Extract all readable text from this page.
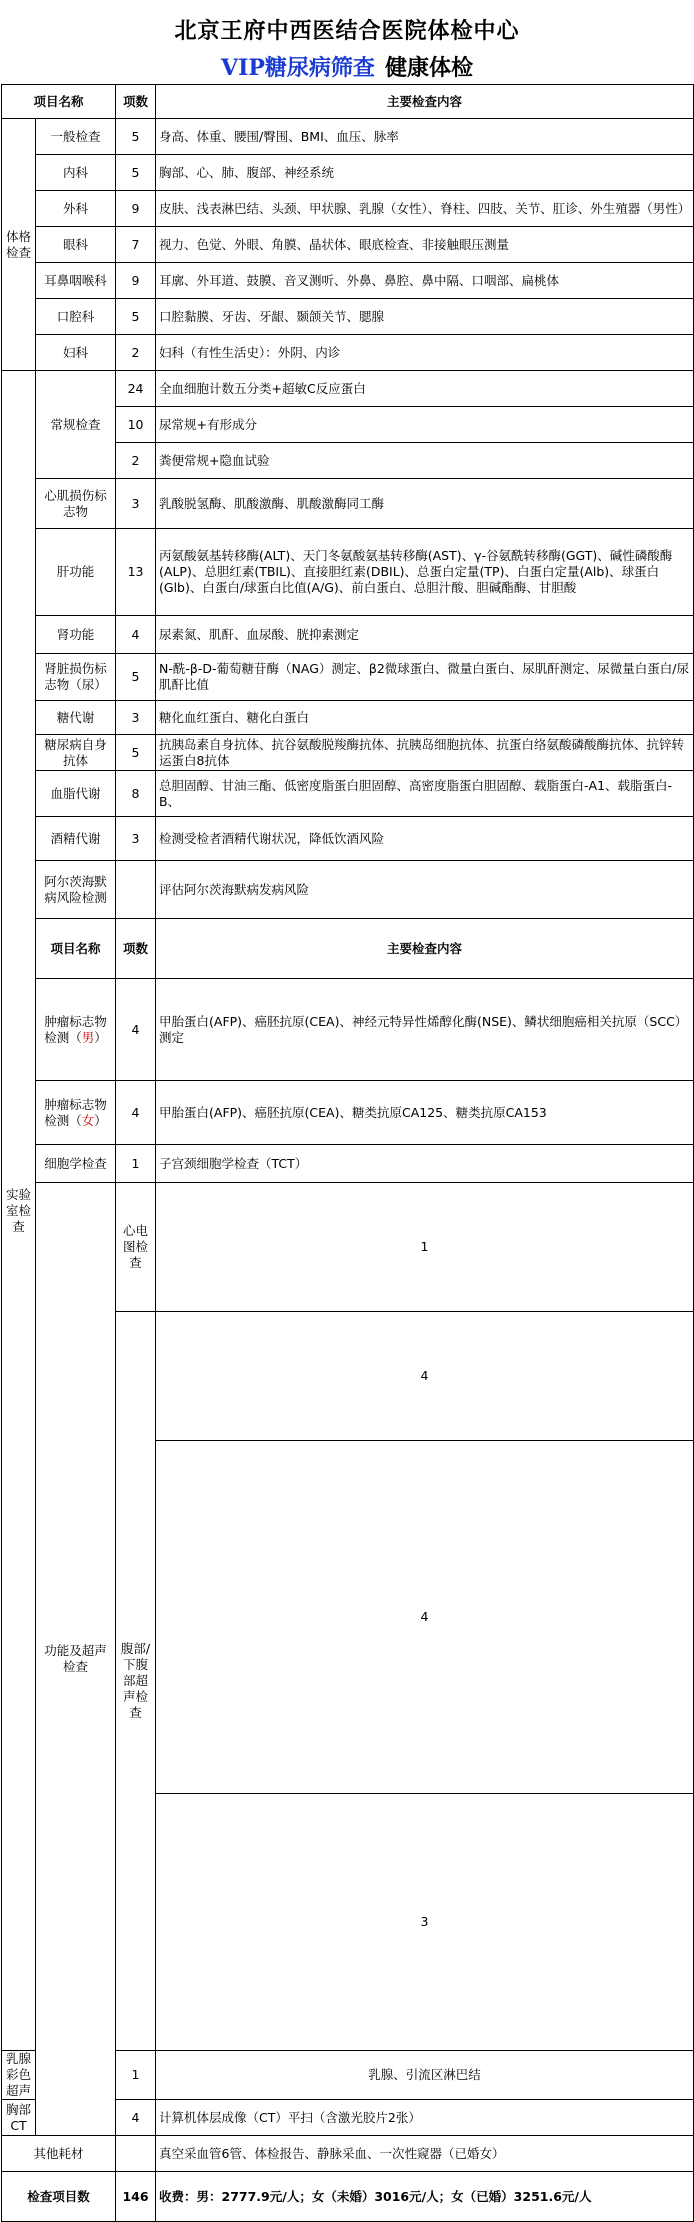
北京王府中西医结合医院体检中心
VIP糖尿病筛查 健康体检
项目名称		项数	主要检查内容	
体格检查	一般检查	5	身高、体重、腰围/臀围、BMI、血压、脉率	
	内科	5	胸部、心、肺、腹部、神经系统	
	外科	9	皮肤、浅表淋巴结、头颈、甲状腺、乳腺（女性）、脊柱、四肢、关节、肛诊、外生殖器（男性）	
	眼科	7	视力、色觉、外眼、角膜、晶状体、眼底检查、非接触眼压测量	
	耳鼻咽喉科	9	耳廓、外耳道、鼓膜、音叉测听、外鼻、鼻腔、鼻中隔、口咽部、扁桃体	
	口腔科	5	口腔黏膜、牙齿、牙龈、颞颌关节、腮腺	
	妇科	2	妇科（有性生活史）：外阴、内诊	
实验室检查	常规检查	24	全血细胞计数五分类+超敏C反应蛋白	
		10	尿常规+有形成分	
		2	粪便常规+隐血试验	
	心肌损伤标志物	3	乳酸脱氢酶、肌酸激酶、肌酸激酶同工酶	
	肝功能	13	丙氨酸氨基转移酶(ALT)、天门冬氨酸氨基转移酶(AST)、γ-谷氨酰转移酶(GGT)、碱性磷酸酶(ALP)、总胆红素(TBIL)、直接胆红素(DBIL)、总蛋白定量(TP)、白蛋白定量(Alb)、球蛋白(Glb)、白蛋白/球蛋白比值(A/G)、前白蛋白、总胆汁酸、胆碱酯酶、甘胆酸	
	肾功能	4	尿素氮、肌酐、血尿酸、胱抑素测定	
	肾脏损伤标志物（尿）	5	N-酰-β-D-葡萄糖苷酶（NAG）测定、β2微球蛋白、微量白蛋白、尿肌酐测定、尿微量白蛋白/尿肌酐比值	
	糖代谢	3	糖化血红蛋白、糖化白蛋白	
	糖尿病自身抗体	5	抗胰岛素自身抗体、抗谷氨酸脱羧酶抗体、抗胰岛细胞抗体、抗蛋白络氨酸磷酸酶抗体、抗锌转运蛋白8抗体	
	血脂代谢	8	总胆固醇、甘油三酯、低密度脂蛋白胆固醇、高密度脂蛋白胆固醇、载脂蛋白-A1、载脂蛋白-B、	
	酒精代谢	3	检测受检者酒精代谢状况，降低饮酒风险	
	阿尔茨海默病风险检测		评估阿尔茨海默病发病风险	
	项目名称	项数	主要检查内容	
	肿瘤标志物检测（男）	4	甲胎蛋白(AFP)、癌胚抗原(CEA)、神经元特异性烯醇化酶(NSE)、鳞状细胞癌相关抗原（SCC）测定	
	肿瘤标志物检测（女）	4	甲胎蛋白(AFP)、癌胚抗原(CEA)、糖类抗原CA125、糖类抗原CA153	
	细胞学检查	1	子宫颈细胞学检查（TCT）	
	功能及超声检查	心电图检查	1	
		腹部/下腹部超声检查	4	
			4	
			3	
乳腺彩色超声		1	乳腺、引流区淋巴结	
胸部CT		4	计算机体层成像（CT）平扫（含激光胶片2张）	
其他耗材			真空采血管6管、体检报告、静脉采血、一次性窥器（已婚女）	
检查项目数		146	收费：男：2777.9元/人；女（未婚）3016元/人；女（已婚）3251.6元/人	
